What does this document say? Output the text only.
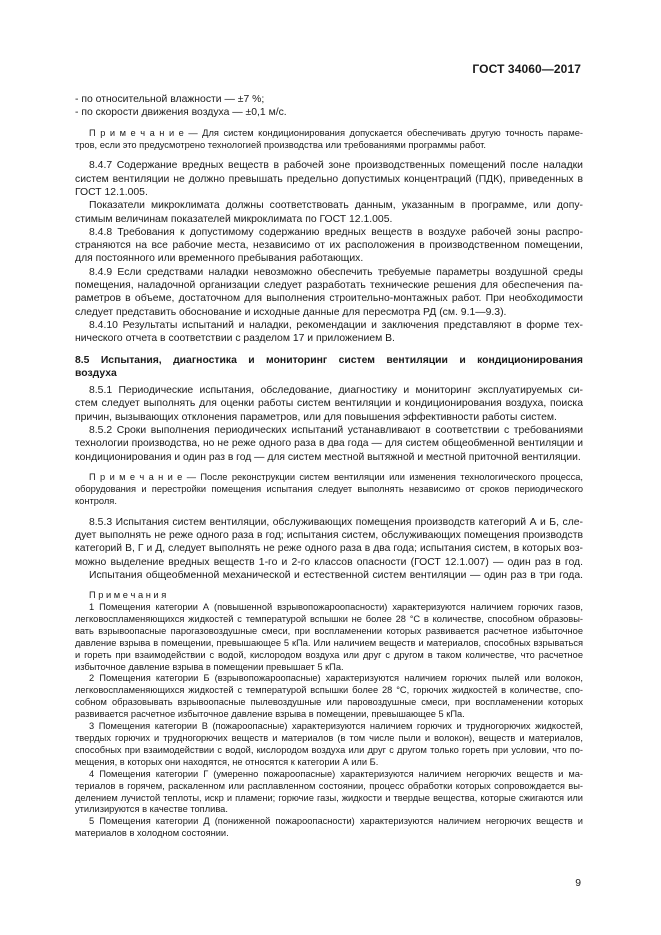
ГОСТ 34060—2017
- по относительной влажности — ±7 %;
- по скорости движения воздуха — ±0,1 м/с.
П р и м е ч а н и е — Для систем кондиционирования допускается обеспечивать другую точность параме-
тров, если это предусмотрено технологией производства или требованиями программы работ.
8.4.7 Содержание вредных веществ в рабочей зоне производственных помещений после наладки
систем вентиляции не должно превышать предельно допустимых концентраций (ПДК), приведенных в
ГОСТ 12.1.005.
Показатели микроклимата должны соответствовать данным, указанным в программе, или допу-
стимым величинам показателей микроклимата по ГОСТ 12.1.005.
8.4.8 Требования к допустимому содержанию вредных веществ в воздухе рабочей зоны распро-
страняются на все рабочие места, независимо от их расположения в производственном помещении,
для постоянного или временного пребывания работающих.
8.4.9 Если средствами наладки невозможно обеспечить требуемые параметры воздушной среды
помещения, наладочной организации следует разработать технические решения для обеспечения па-
раметров в объеме, достаточном для выполнения строительно-монтажных работ. При необходимости
следует представить обоснование и исходные данные для пересмотра РД (см. 9.1—9.3).
8.4.10 Результаты испытаний и наладки, рекомендации и заключения представляют в форме тех-
нического отчета в соответствии с разделом 17 и приложением В.
8.5 Испытания, диагностика и мониторинг систем вентиляции и кондиционирования
воздуха
8.5.1 Периодические испытания, обследование, диагностику и мониторинг эксплуатируемых си-
стем следует выполнять для оценки работы систем вентиляции и кондиционирования воздуха, поиска
причин, вызывающих отклонения параметров, или для повышения эффективности работы систем.
8.5.2 Сроки выполнения периодических испытаний устанавливают в соответствии с требованиями
технологии производства, но не реже одного раза в два года — для систем общеобменной вентиляции и
кондиционирования и один раз в год — для систем местной вытяжной и местной приточной вентиляции.
П р и м е ч а н и е — После реконструкции систем вентиляции или изменения технологического процесса,
оборудования и перестройки помещения испытания следует выполнять независимо от сроков периодического
контроля.
8.5.3 Испытания систем вентиляции, обслуживающих помещения производств категорий А и Б, сле-
дует выполнять не реже одного раза в год; испытания систем, обслуживающих помещения производств
категорий В, Г и Д, следует выполнять не реже одного раза в два года; испытания систем, в которых воз-
можно выделение вредных веществ 1-го и 2-го классов опасности (ГОСТ 12.1.007) — один раз в год.
Испытания общеобменной механической и естественной систем вентиляции — один раз в три года.
П р и м е ч а н и я
1 Помещения категории А (повышенной взрывопожароопасности) характеризуются наличием горючих газов,
легковоспламеняющихся жидкостей с температурой вспышки не более 28 °С в количестве, способном образовы-
вать взрывоопасные парогазовоздушные смеси, при воспламенении которых развивается расчетное избыточное
давление взрыва в помещении, превышающее 5 кПа. Или наличием веществ и материалов, способных взрываться
и гореть при взаимодействии с водой, кислородом воздуха или друг с другом в таком количестве, что расчетное
избыточное давление взрыва в помещении превышает 5 кПа.
2 Помещения категории Б (взрывопожароопасные) характеризуются наличием горючих пылей или волокон,
легковоспламеняющихся жидкостей с температурой вспышки более 28 °С, горючих жидкостей в количестве, спо-
собном образовывать взрывоопасные пылевоздушные или паровоздушные смеси, при воспламенении которых
развивается расчетное избыточное давление взрыва в помещении, превышающее 5 кПа.
3 Помещения категории В (пожароопасные) характеризуются наличием горючих и трудногорючих жидкостей,
твердых горючих и трудногорючих веществ и материалов (в том числе пыли и волокон), веществ и материалов,
способных при взаимодействии с водой, кислородом воздуха или друг с другом только гореть при условии, что по-
мещения, в которых они находятся, не относятся к категории А или Б.
4 Помещения категории Г (умеренно пожароопасные) характеризуются наличием негорючих веществ и ма-
териалов в горячем, раскаленном или расплавленном состоянии, процесс обработки которых сопровождается вы-
делением лучистой теплоты, искр и пламени; горючие газы, жидкости и твердые вещества, которые сжигаются или
утилизируются в качестве топлива.
5 Помещения категории Д (пониженной пожароопасности) характеризуются наличием негорючих веществ и
материалов в холодном состоянии.
9
